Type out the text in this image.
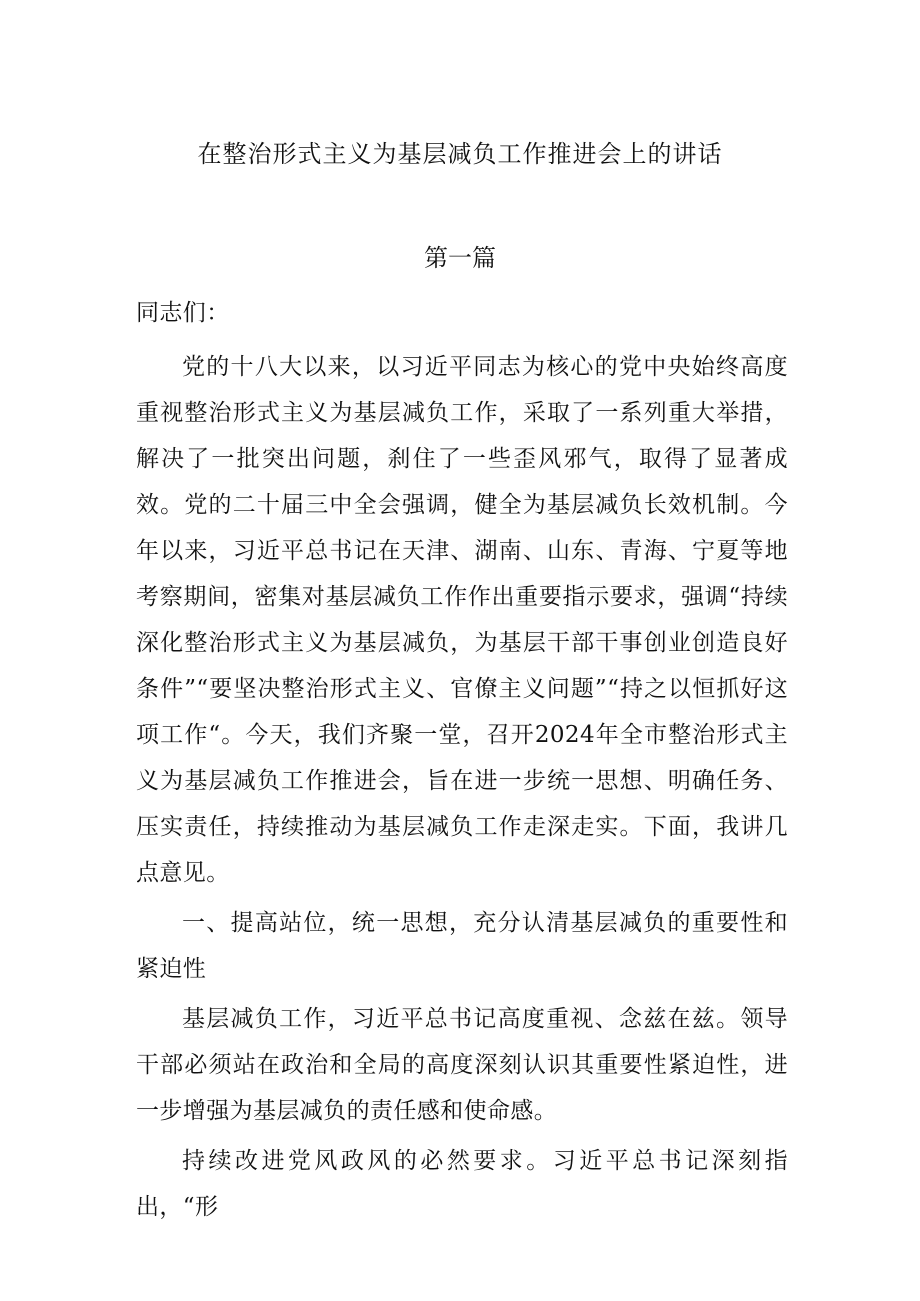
在整治形式主义为基层减负工作推进会上的讲话
第一篇

同志们：

党的十八大以来，以习近平同志为核心的党中央始终高度重视整治形式主义为基层减负工作，采取了一系列重大举措，解决了一批突出问题，刹住了一些歪风邪气，取得了显著成效。党的二十届三中全会强调，健全为基层减负长效机制。今年以来，习近平总书记在天津、湖南、山东、青海、宁夏等地考察期间，密集对基层减负工作作出重要指示要求，强调“持续深化整治形式主义为基层减负，为基层干部干事创业创造良好条件”“要坚决整治形式主义、官僚主义问题”“持之以恒抓好这项工作“。今天，我们齐聚一堂，召开2024年全市整治形式主义为基层减负工作推进会，旨在进一步统一思想、明确任务、压实责任，持续推动为基层减负工作走深走实。下面，我讲几点意见。

一、提高站位，统一思想，充分认清基层减负的重要性和紧迫性

基层减负工作，习近平总书记高度重视、念兹在兹。领导干部必须站在政治和全局的高度深刻认识其重要性紧迫性，进一步增强为基层减负的责任感和使命感。

持续改进党风政风的必然要求。习近平总书记深刻指出，“形
